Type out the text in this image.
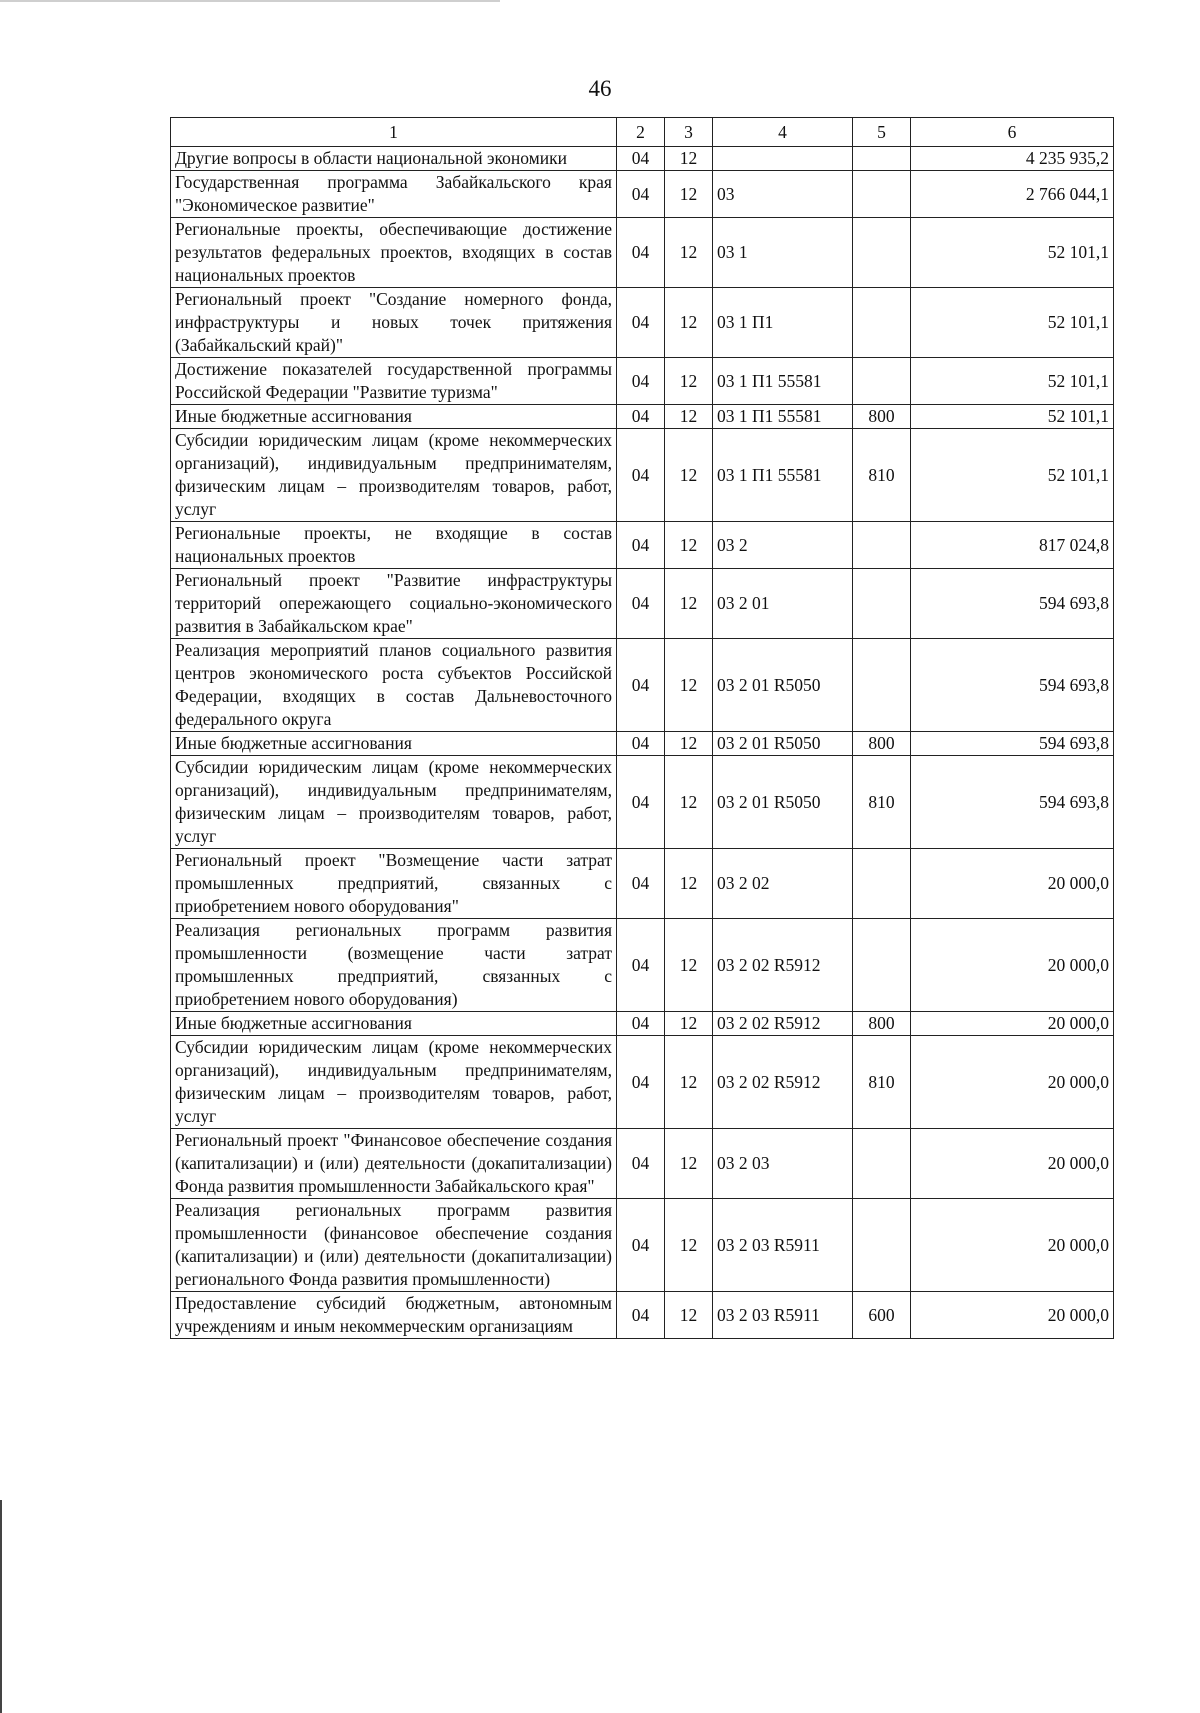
46
1	2	3	4	5	6
Другие вопросы в области национальной экономики	04	12			4 235 935,2
Государственная программа Забайкальского края "Экономическое развитие"	04	12	03		2 766 044,1
Региональные проекты, обеспечивающие достижение результатов федеральных проектов, входящих в состав национальных проектов	04	12	03 1		52 101,1
Региональный проект "Создание номерного фонда, инфраструктуры и новых точек притяжения (Забайкальский край)"	04	12	03 1 П1		52 101,1
Достижение показателей государственной программы Российской Федерации "Развитие туризма"	04	12	03 1 П1 55581		52 101,1
Иные бюджетные ассигнования	04	12	03 1 П1 55581	800	52 101,1
Субсидии юридическим лицам (кроме некоммерческих организаций), индивидуальным предпринимателям, физическим лицам – производителям товаров, работ, услуг	04	12	03 1 П1 55581	810	52 101,1
Региональные проекты, не входящие в состав национальных проектов	04	12	03 2		817 024,8
Региональный проект "Развитие инфраструктуры территорий опережающего социально-экономического развития в Забайкальском крае"	04	12	03 2 01		594 693,8
Реализация мероприятий планов социального развития центров экономического роста субъектов Российской Федерации, входящих в состав Дальневосточного федерального округа	04	12	03 2 01 R5050		594 693,8
Иные бюджетные ассигнования	04	12	03 2 01 R5050	800	594 693,8
Субсидии юридическим лицам (кроме некоммерческих организаций), индивидуальным предпринимателям, физическим лицам – производителям товаров, работ, услуг	04	12	03 2 01 R5050	810	594 693,8
Региональный проект "Возмещение части затрат промышленных предприятий, связанных с приобретением нового оборудования"	04	12	03 2 02		20 000,0
Реализация региональных программ развития промышленности (возмещение части затрат промышленных предприятий, связанных с приобретением нового оборудования)	04	12	03 2 02 R5912		20 000,0
Иные бюджетные ассигнования	04	12	03 2 02 R5912	800	20 000,0
Субсидии юридическим лицам (кроме некоммерческих организаций), индивидуальным предпринимателям, физическим лицам – производителям товаров, работ, услуг	04	12	03 2 02 R5912	810	20 000,0
Региональный проект "Финансовое обеспечение создания (капитализации) и (или) деятельности (докапитализации) Фонда развития промышленности Забайкальского края"	04	12	03 2 03		20 000,0
Реализация региональных программ развития промышленности (финансовое обеспечение создания (капитализации) и (или) деятельности (докапитализации) регионального Фонда развития промышленности)	04	12	03 2 03 R5911		20 000,0
Предоставление субсидий бюджетным, автономным учреждениям и иным некоммерческим организациям	04	12	03 2 03 R5911	600	20 000,0
